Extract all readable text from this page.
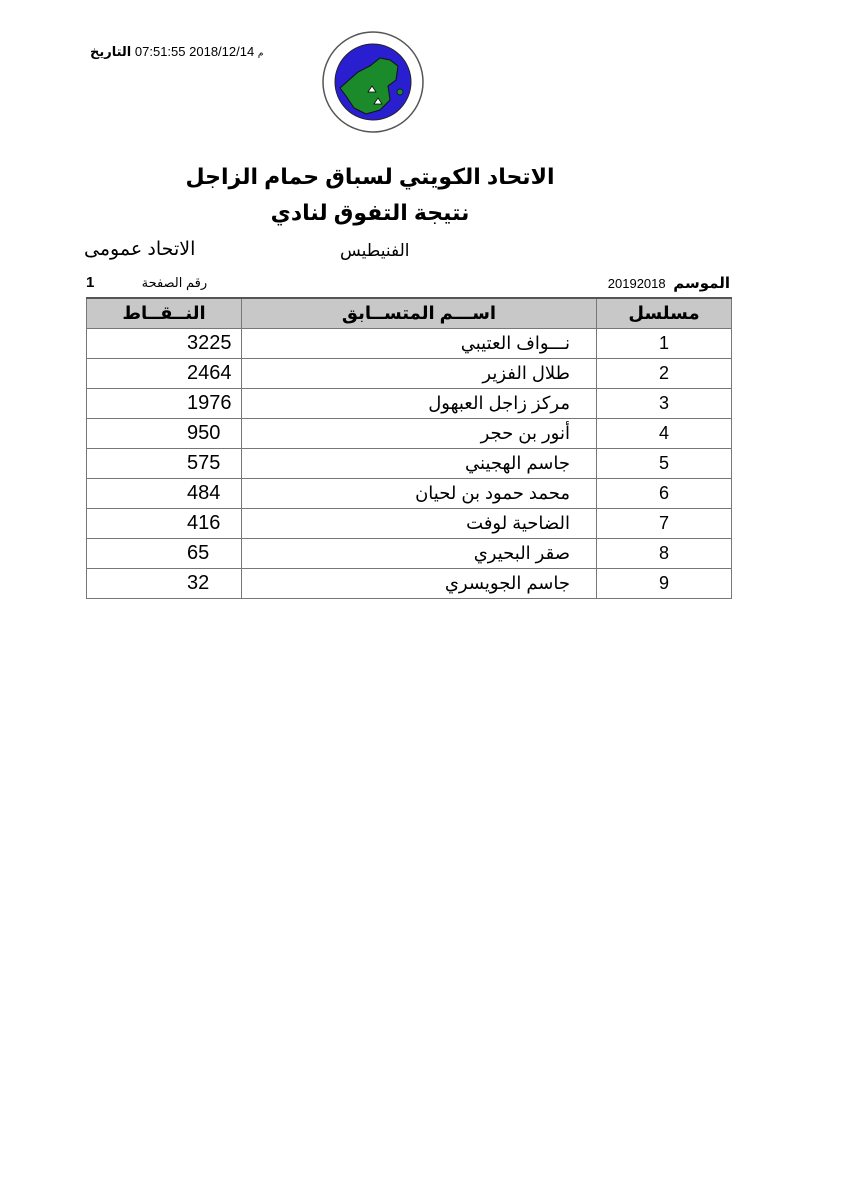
م 2018/12/14 07:51:55 التاريخ
الاتحاد الكويتي لسباق حمام الزاجل
نتيجة التفوق لنادي
الاتحاد عمومى	الفنيطيس
رقم الصفحة  1	الموسم 20192018
مسلسل	اســـم المتســابق	النــقــاط
1	نـــواف العتيبي	3225
2	طلال الفزير	2464
3	مركز زاجل العبهول	1976
4	أنور بن حجر	950
5	جاسم الهجيني	575
6	محمد حمود بن لحيان	484
7	الضاحية لوفت	416
8	صقر البحيري	65
9	جاسم الجويسري	32
